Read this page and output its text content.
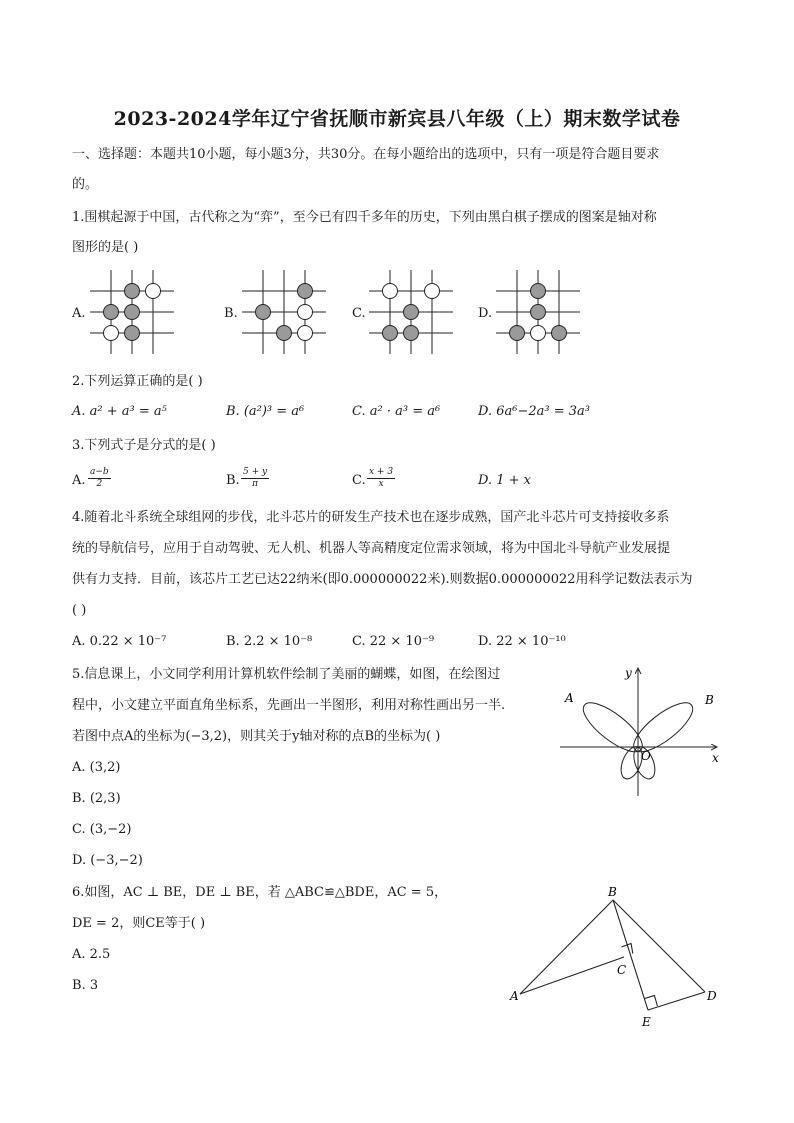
2023-2024学年辽宁省抚顺市新宾县八年级（上）期末数学试卷
一、选择题：本题共10小题，每小题3分，共30分。在每小题给出的选项中，只有一项是符合题目要求
的。
1.围棋起源于中国，古代称之为“弈”，至今已有四千多年的历史，下列由黑白棋子摆成的图案是轴对称
图形的是( )
A.	B.	C.	D.
2.下列运算正确的是( )
A. a² + a³ = a⁵	B. (a²)³ = a⁶	C. a² · a³ = a⁶	D. 6a⁶−2a³ = 3a³
3.下列式子是分式的是( )
A. $\frac{a-b}{2}$	B. $\frac{5 + y}{\pi}$	C. $\frac{x + 3}{x}$	D. 1 + x
4.随着北斗系统全球组网的步伐，北斗芯片的研发生产技术也在逐步成熟，国产北斗芯片可支持接收多系
统的导航信号，应用于自动驾驶、无人机、机器人等高精度定位需求领域，将为中国北斗导航产业发展提
供有力支持．目前，该芯片工艺已达22纳米(即0.000000022米).则数据0.000000022用科学记数法表示为
( )
A. 0.22 × 10⁻⁷	B. 2.2 × 10⁻⁸	C. 22 × 10⁻⁹	D. 22 × 10⁻¹⁰
5.信息课上，小文同学利用计算机软件绘制了美丽的蝴蝶，如图，在绘图过
程中，小文建立平面直角坐标系，先画出一半图形，利用对称性画出另一半.
若图中点A的坐标为(−3,2)，则其关于y轴对称的点B的坐标为( )
A. (3,2)
B. (2,3)
C. (3,−2)
D. (−3,−2)
x
y
O
A	B
6.如图，AC ⊥ BE，DE ⊥ BE，若 △ABC≌△BDE，AC = 5，
DE = 2，则CE等于( )
A. 2.5
B. 3
B
A
C
D
E
